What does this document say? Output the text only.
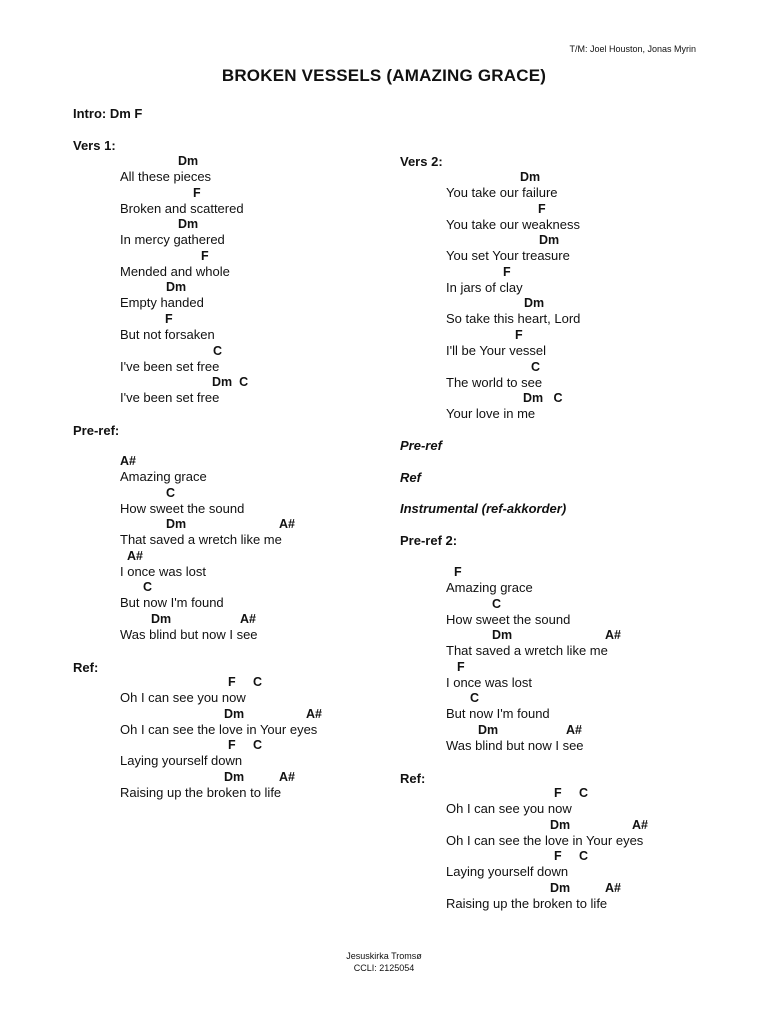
T/M: Joel Houston, Jonas Myrin
BROKEN VESSELS (AMAZING GRACE)
Intro: Dm F
Vers 1:
Dm
All these pieces
F
Broken and scattered
Dm
In mercy gathered
F
Mended and whole
Dm
Empty handed
F
But not forsaken
C
I've been set free
Dm  C
I've been set free
Pre-ref:
A#
Amazing grace
C
How sweet the sound
Dm	A#
That saved a wretch like me
A#
I once was lost
C
But now I'm found
Dm	A#
Was blind but now I see
Ref:
F     C
Oh I can see you now
Dm	A#
Oh I can see the love in Your eyes
F     C
Laying yourself down
Dm	A#
Raising up the broken to life
Vers 2:
Dm
You take our failure
F
You take our weakness
Dm
You set Your treasure
F
In jars of clay
Dm
So take this heart, Lord
F
I'll be Your vessel
C
The world to see
Dm   C
Your love in me
Pre-ref
Ref
Instrumental (ref-akkorder)
Pre-ref 2:
F
Amazing grace
C
How sweet the sound
Dm	A#
That saved a wretch like me
F
I once was lost
C
But now I'm found
Dm	A#
Was blind but now I see
Ref:
F     C
Oh I can see you now
Dm	A#
Oh I can see the love in Your eyes
F     C
Laying yourself down
Dm	A#
Raising up the broken to life
Jesuskirka Tromsø
CCLI: 2125054
